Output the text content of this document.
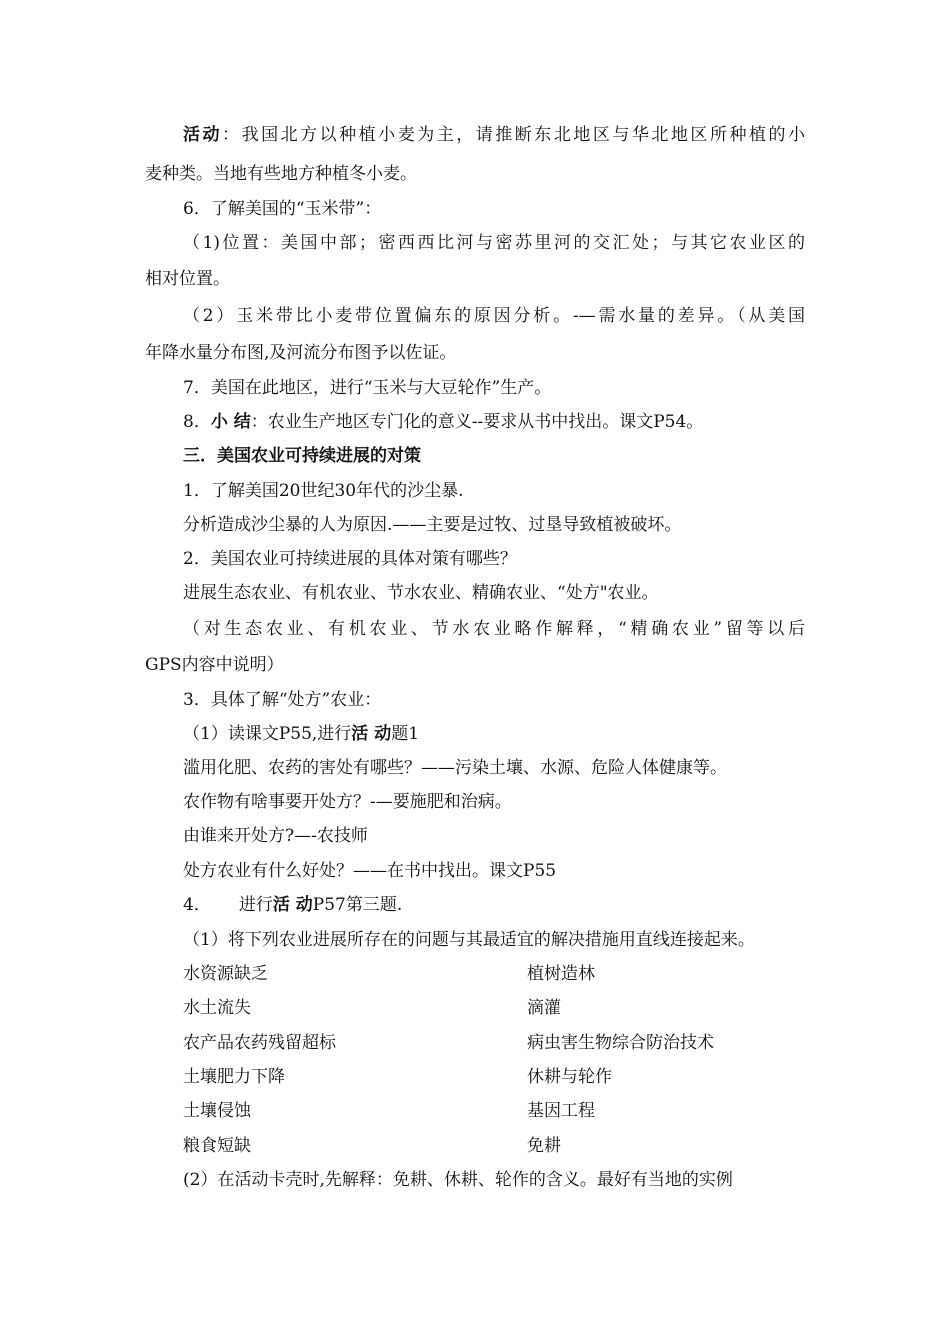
活动：我国北方以种植小麦为主，请推断东北地区与华北地区所种植的小
麦种类。当地有些地方种植冬小麦。
6．了解美国的“玉米带”：
（1)位置：美国中部；密西西比河与密苏里河的交汇处；与其它农业区的
相对位置。
（2）玉米带比小麦带位置偏东的原因分析。-—需水量的差异。（从美国
年降水量分布图,及河流分布图予以佐证。
7．美国在此地区，进行“玉米与大豆轮作”生产。
8．小 结：农业生产地区专门化的意义--要求从书中找出。课文P54。
三．美国农业可持续进展的对策
1．了解美国20世纪30年代的沙尘暴.
分析造成沙尘暴的人为原因.——主要是过牧、过垦导致植被破坏。
2．美国农业可持续进展的具体对策有哪些？
进展生态农业、有机农业、节水农业、精确农业、“处方"农业。
（对生态农业、有机农业、节水农业略作解释，“精确农业”留等以后
GPS内容中说明）
3．具体了解“处方”农业：
（1）读课文P55,进行活 动题1
滥用化肥、农药的害处有哪些？——污染土壤、水源、危险人体健康等。
农作物有啥事要开处方？-—要施肥和治病。
由谁来开处方?—-农技师
处方农业有什么好处？——在书中找出。课文P55
4． 进行活 动P57第三题.
（1）将下列农业进展所存在的问题与其最适宜的解决措施用直线连接起来。
水资源缺乏	植树造林
水土流失	滴灌
农产品农药残留超标	病虫害生物综合防治技术
土壤肥力下降	休耕与轮作
土壤侵蚀	基因工程
粮食短缺	免耕
(2）在活动卡壳时,先解释：免耕、休耕、轮作的含义。最好有当地的实例
